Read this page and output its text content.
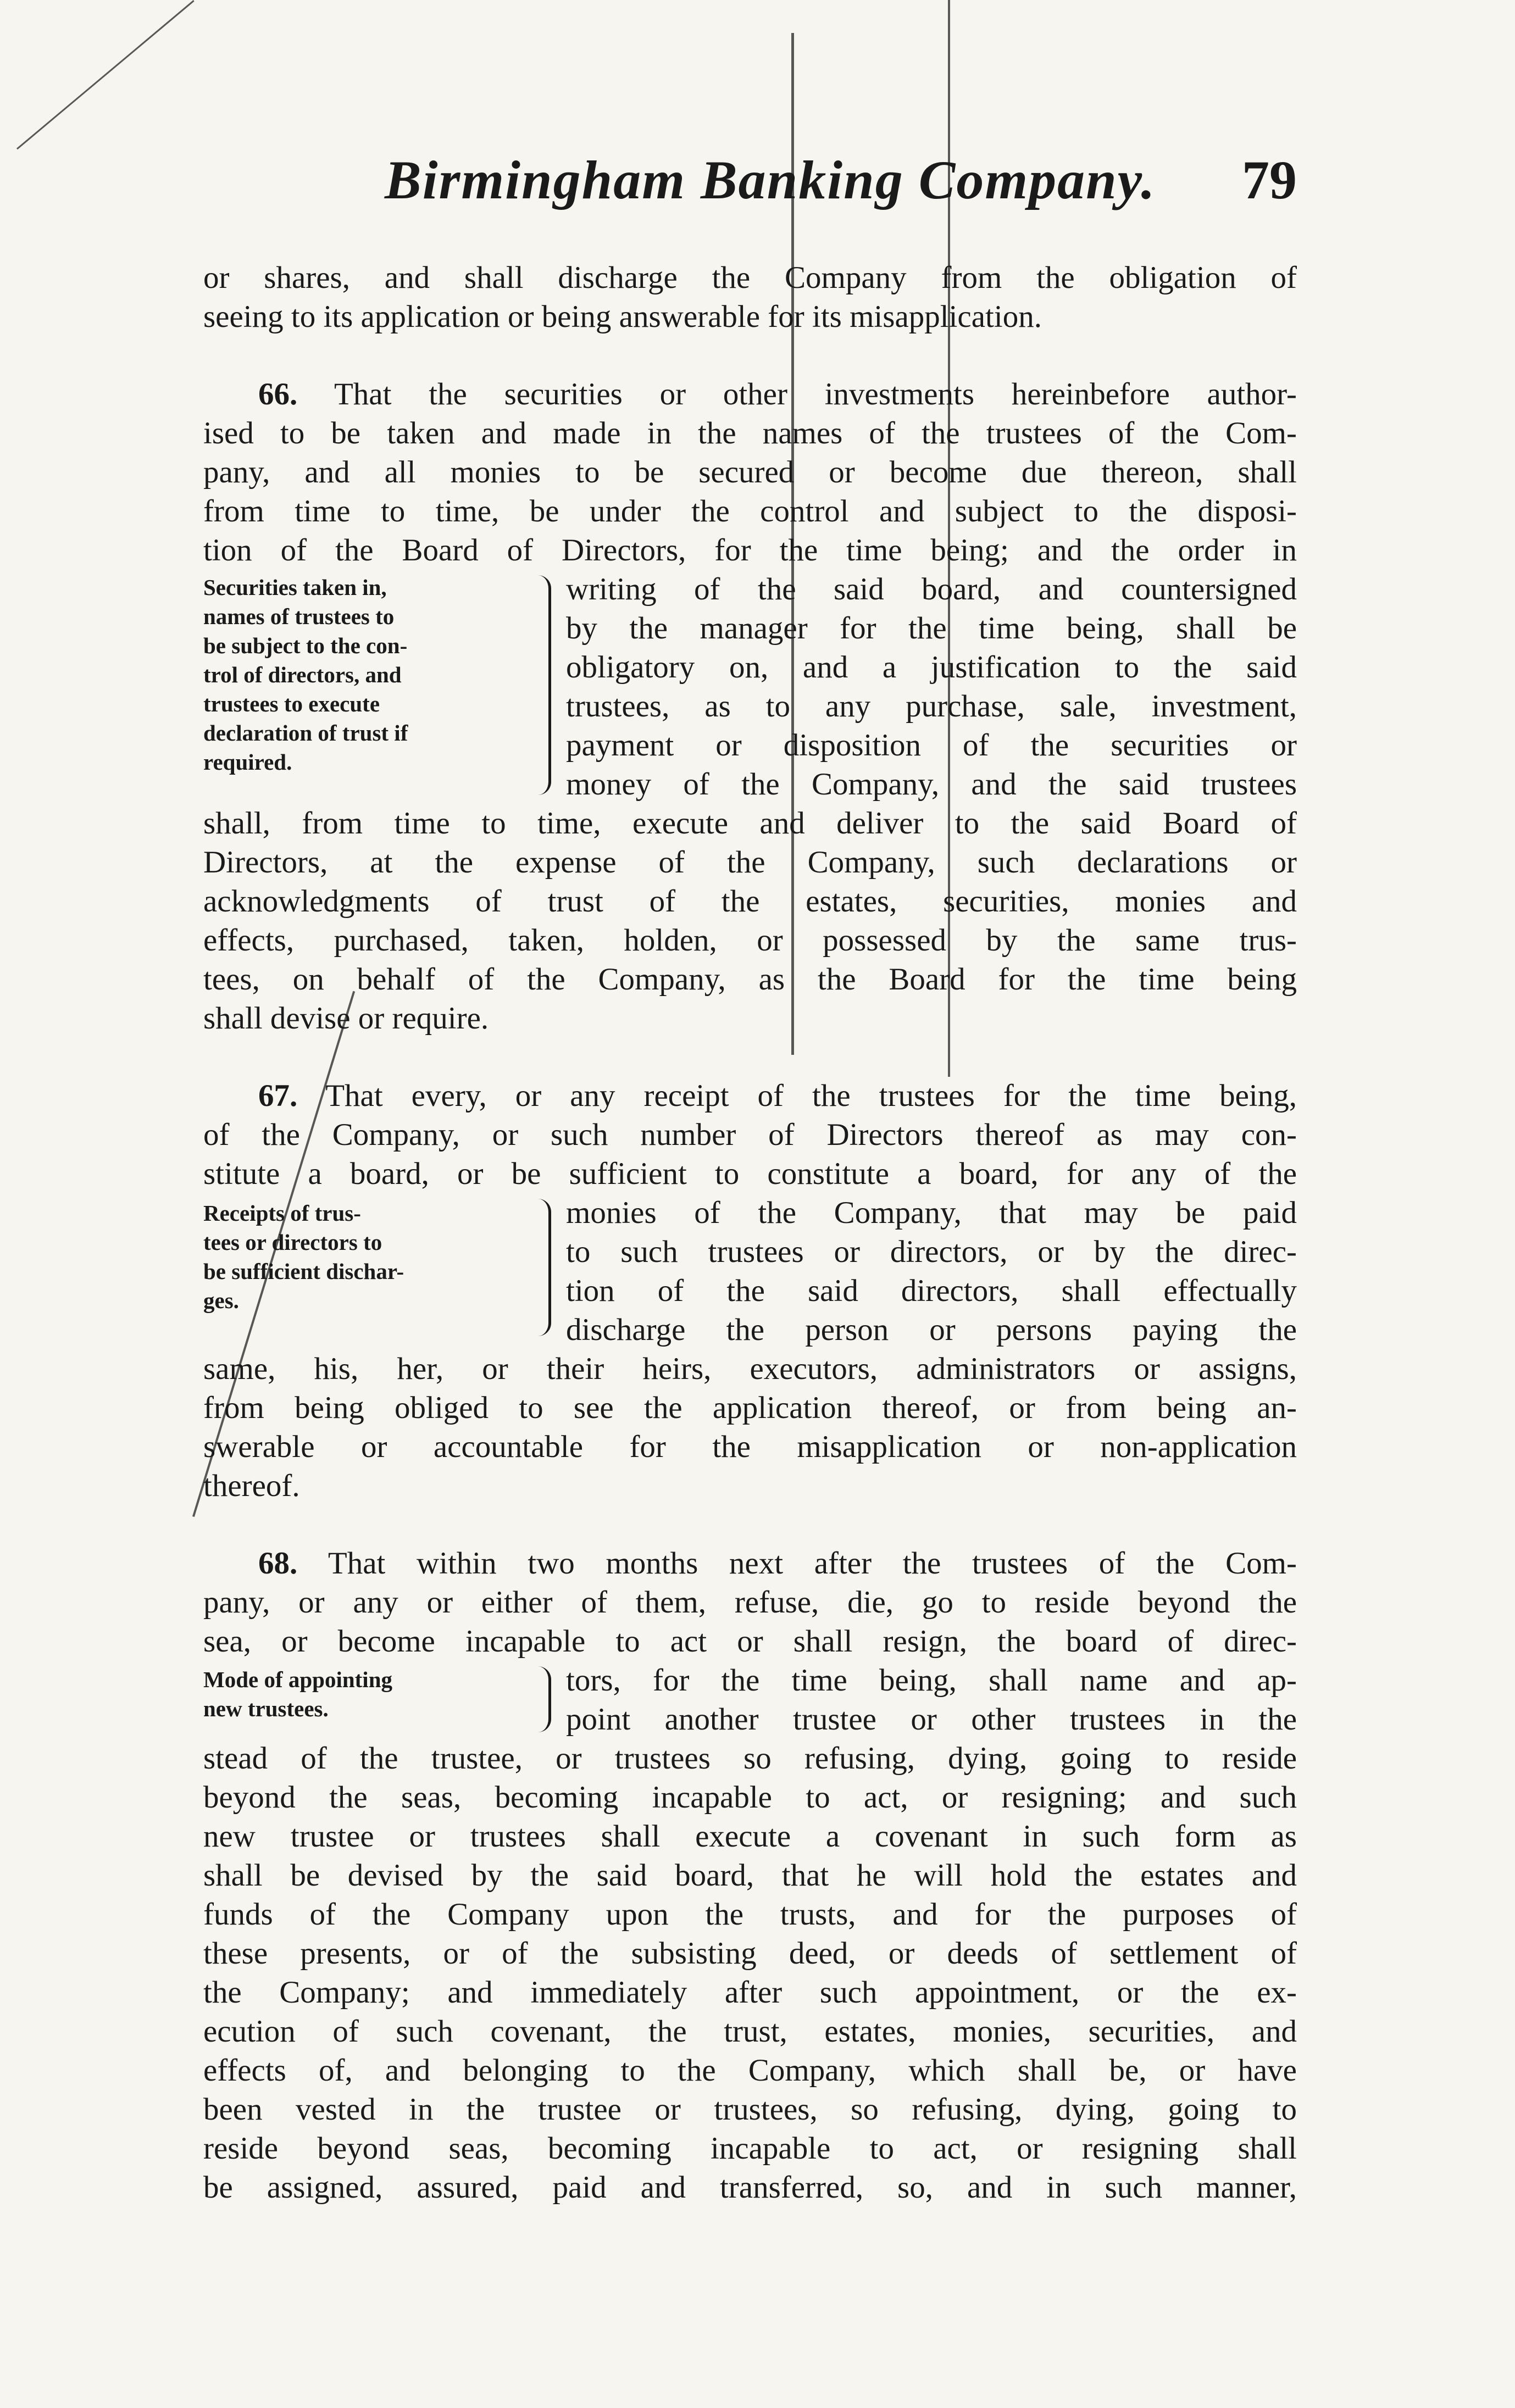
Birmingham Banking Company. 79
or shares, and shall discharge the Company from the obligation of
seeing to its application or being answerable for its misapplication.
66. That the securities or other investments hereinbefore author-
ised to be taken and made in the names of the trustees of the Com-
pany, and all monies to be secured or become due thereon, shall
from time to time, be under the control and subject to the disposi-
tion of the Board of Directors, for the time being; and the order in
Securities taken in,
names of trustees to
be subject to the con-
trol of directors, and
trustees to execute
declaration of trust if
required.
writing of the said board, and countersigned
by the manager for the time being, shall be
obligatory on, and a justification to the said
trustees, as to any purchase, sale, investment,
payment or disposition of the securities or
money of the Company, and the said trustees
shall, from time to time, execute and deliver to the said Board of
Directors, at the expense of the Company, such declarations or
acknowledgments of trust of the estates, securities, monies and
effects, purchased, taken, holden, or possessed by the same trus-
tees, on behalf of the Company, as the Board for the time being
shall devise or require.
67. That every, or any receipt of the trustees for the time being,
of the Company, or such number of Directors thereof as may con-
stitute a board, or be sufficient to constitute a board, for any of the
Receipts of trus-
tees or directors to
be sufficient dischar-
ges.
monies of the Company, that may be paid
to such trustees or directors, or by the direc-
tion of the said directors, shall effectually
discharge the person or persons paying the
same, his, her, or their heirs, executors, administrators or assigns,
from being obliged to see the application thereof, or from being an-
swerable or accountable for the misapplication or non-application
thereof.
68. That within two months next after the trustees of the Com-
pany, or any or either of them, refuse, die, go to reside beyond the
sea, or become incapable to act or shall resign, the board of direc-
Mode of appointing
new trustees.
tors, for the time being, shall name and ap-
point another trustee or other trustees in the
stead of the trustee, or trustees so refusing, dying, going to reside
beyond the seas, becoming incapable to act, or resigning; and such
new trustee or trustees shall execute a covenant in such form as
shall be devised by the said board, that he will hold the estates and
funds of the Company upon the trusts, and for the purposes of
these presents, or of the subsisting deed, or deeds of settlement of
the Company; and immediately after such appointment, or the ex-
ecution of such covenant, the trust, estates, monies, securities, and
effects of, and belonging to the Company, which shall be, or have
been vested in the trustee or trustees, so refusing, dying, going to
reside beyond seas, becoming incapable to act, or resigning shall
be assigned, assured, paid and transferred, so, and in such manner,
